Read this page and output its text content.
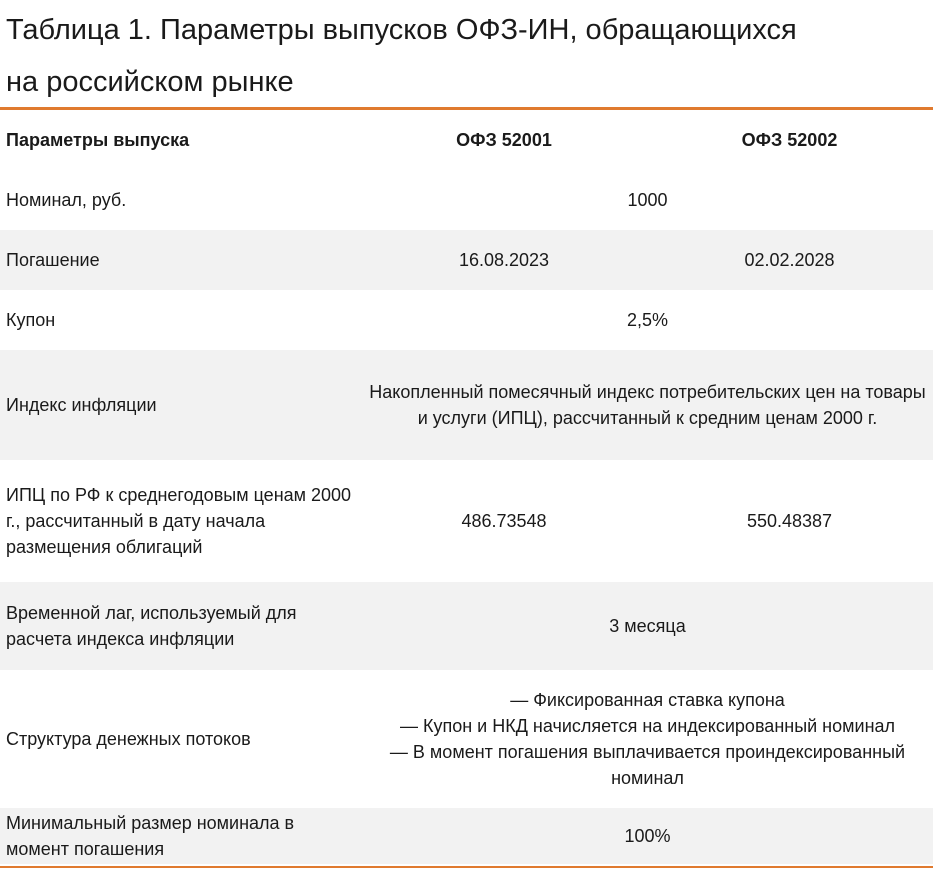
Таблица 1. Параметры выпусков ОФЗ-ИН, обращающихся
на российском рынке
Параметры выпуска	ОФЗ 52001	ОФЗ 52002
Номинал, руб.	1000	
Погашение	16.08.2023	02.02.2028
Купон	2,5%	
Индекс инфляции	Накопленный помесячный индекс потребительских цен на товары и услуги (ИПЦ), рассчитанный к средним ценам 2000 г.	
ИПЦ по РФ к среднегодовым ценам 2000 г., рассчитанный в дату начала размещения облигаций	486.73548	550.48387
Временной лаг, используемый для расчета индекса инфляции	3 месяца	
Структура денежных потоков	— Фиксированная ставка купона
— Купон и НКД начисляется на индексированный номинал
— В момент погашения выплачивается проиндексированный номинал	

Минимальный размер номинала в момент погашения	100%	
